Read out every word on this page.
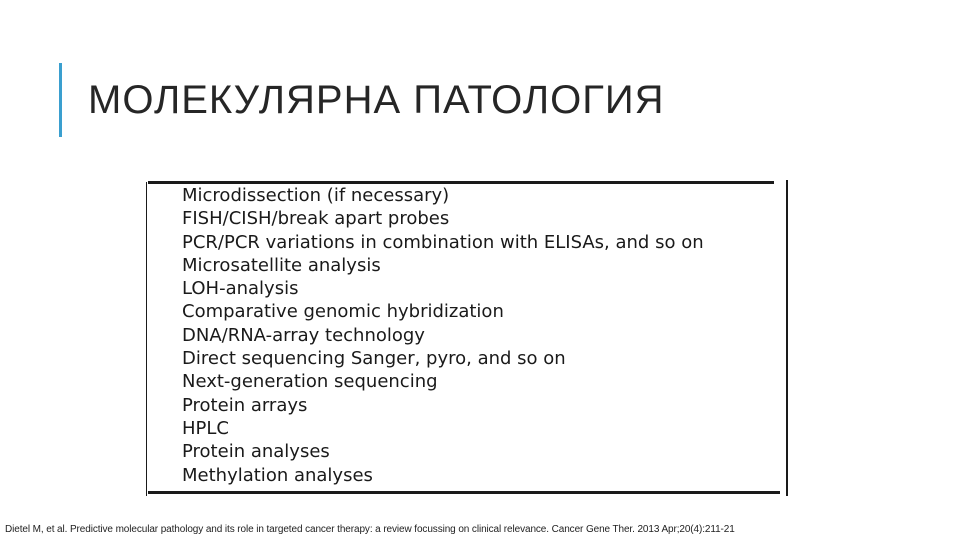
МОЛЕКУЛЯРНА ПАТОЛОГИЯ
Microdissection (if necessary)
FISH/CISH/break apart probes
PCR/PCR variations in combination with ELISAs, and so on
Microsatellite analysis
LOH-analysis
Comparative genomic hybridization
DNA/RNA-array technology
Direct sequencing Sanger, pyro, and so on
Next-generation sequencing
Protein arrays
HPLC
Protein analyses
Methylation analyses
Dietel M, et al. Predictive molecular pathology and its role in targeted cancer therapy: a review focussing on clinical relevance. Cancer Gene Ther. 2013 Apr;20(4):211-21
